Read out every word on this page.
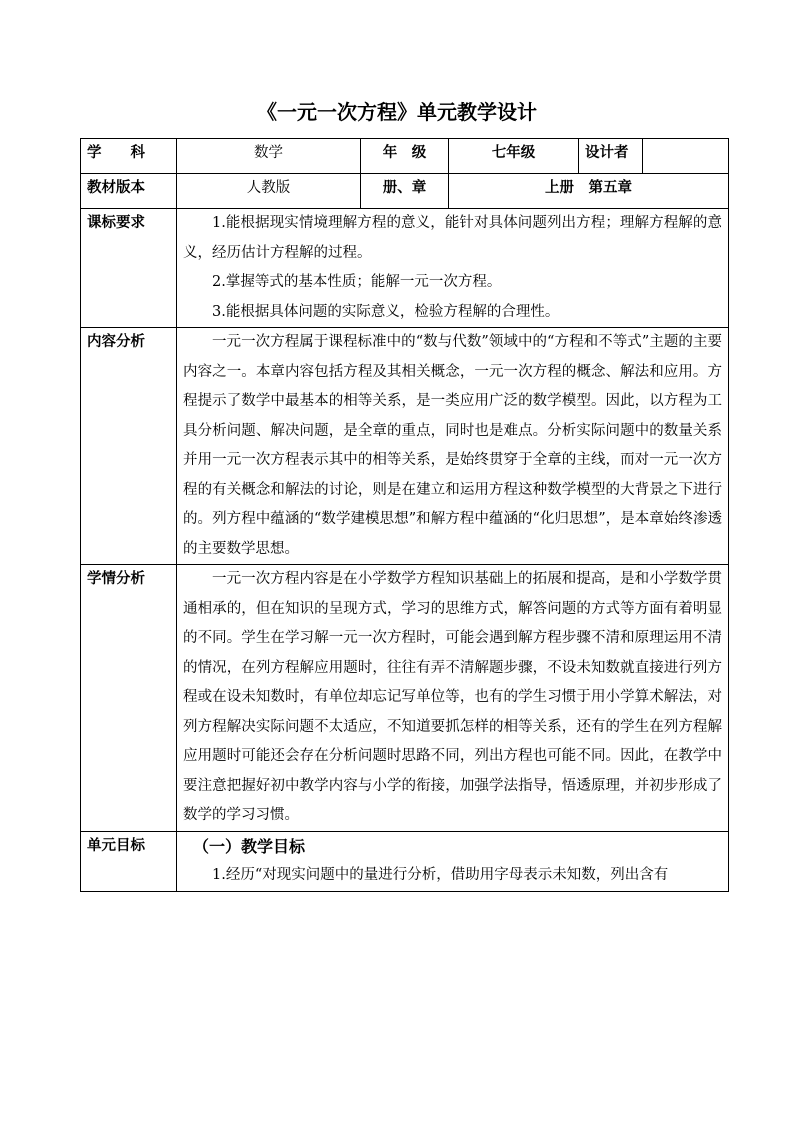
《一元一次方程》单元教学设计
学　　科	数学	年　级	七年级	设计者	
教材版本	人教版	册、章	上册　第五章		
课标要求	1.能根据现实情境理解方程的意义，能针对具体问题列出方程；理解方程解的意义，经历估计方程解的过程。

2.掌握等式的基本性质；能解一元一次方程。

3.能根据具体问题的实际意义，检验方程解的合理性。				

内容分析	一元一次方程属于课程标准中的“数与代数”领域中的“方程和不等式”主题的主要内容之一。本章内容包括方程及其相关概念，一元一次方程的概念、解法和应用。方程提示了数学中最基本的相等关系，是一类应用广泛的数学模型。因此，以方程为工具分析问题、解决问题，是全章的重点，同时也是难点。分析实际问题中的数量关系并用一元一次方程表示其中的相等关系，是始终贯穿于全章的主线，而对一元一次方程的有关概念和解法的讨论，则是在建立和运用方程这种数学模型的大背景之下进行的。列方程中蕴涵的“数学建模思想”和解方程中蕴涵的“化归思想”，是本章始终渗透的主要数学思想。				

学情分析	一元一次方程内容是在小学数学方程知识基础上的拓展和提高，是和小学数学贯通相承的，但在知识的呈现方式，学习的思维方式，解答问题的方式等方面有着明显的不同。学生在学习解一元一次方程时，可能会遇到解方程步骤不清和原理运用不清的情况，在列方程解应用题时，往往有弄不清解题步骤，不设未知数就直接进行列方程或在设未知数时，有单位却忘记写单位等，也有的学生习惯于用小学算术解法，对列方程解决实际问题不太适应，不知道要抓怎样的相等关系，还有的学生在列方程解应用题时可能还会存在分析问题时思路不同，列出方程也可能不同。因此，在教学中要注意把握好初中教学内容与小学的衔接，加强学法指导，悟透原理，并初步形成了数学的学习习惯。				

单元目标	（一）教学目标

1.经历“对现实问题中的量进行分析，借助用字母表示未知数，列出含有				
